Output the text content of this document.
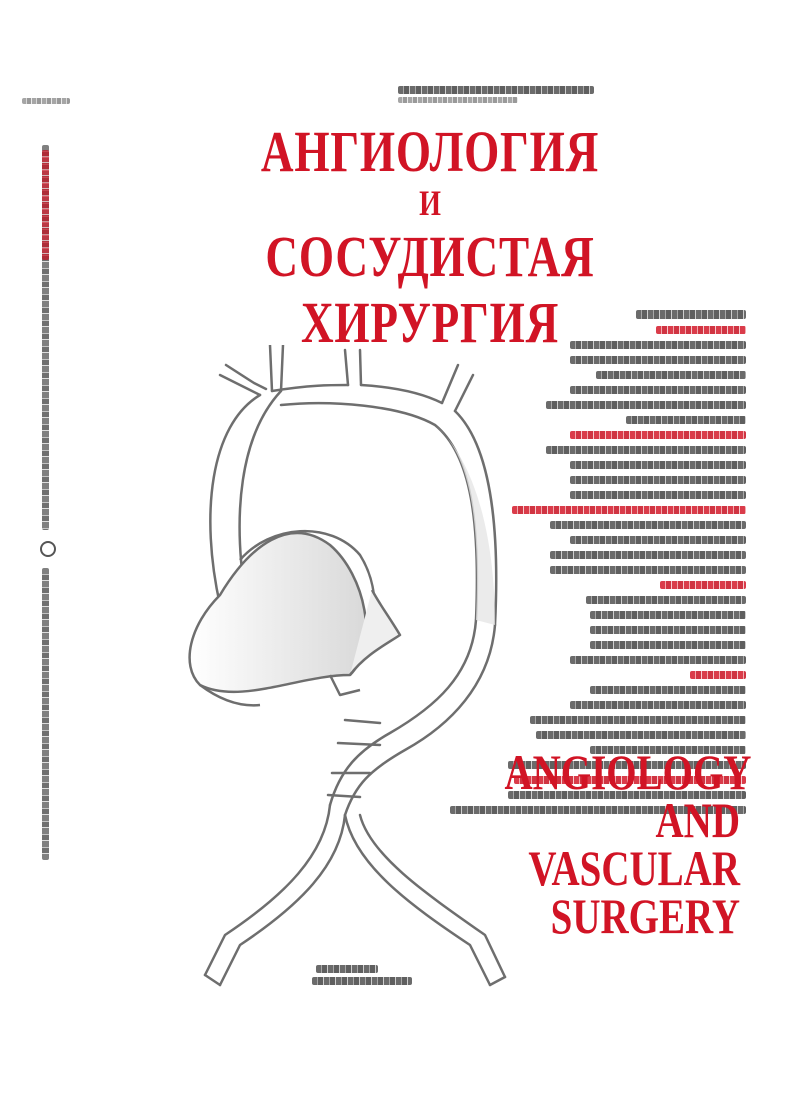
АНГИОЛОГИЯ
И
СОСУДИСТАЯ ХИРУРГИЯ
ANGIOLOGY
AND VASCULAR
SURGERY
